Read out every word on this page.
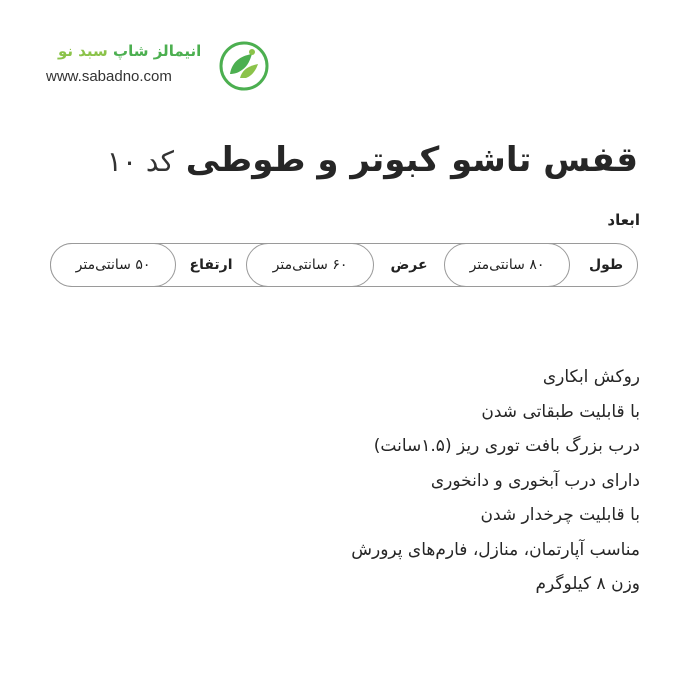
انیمالز شاپ سبد نو
www.sabadno.com
قفس تاشو کبوتر و طوطی کد ۱۰
ابعاد
طول
۸۰ سانتی‌متر
عرض
۶۰ سانتی‌متر
ارتفاع
۵۰ سانتی‌متر
روکش ابکاری
با قابلیت طبقاتی شدن
درب بزرگ بافت توری ریز (۱.۵سانت)
دارای درب آبخوری و دانخوری
با قابلیت چرخدار شدن
مناسب آپارتمان، منازل، فارم‌های پرورش
وزن ۸ کیلوگرم
